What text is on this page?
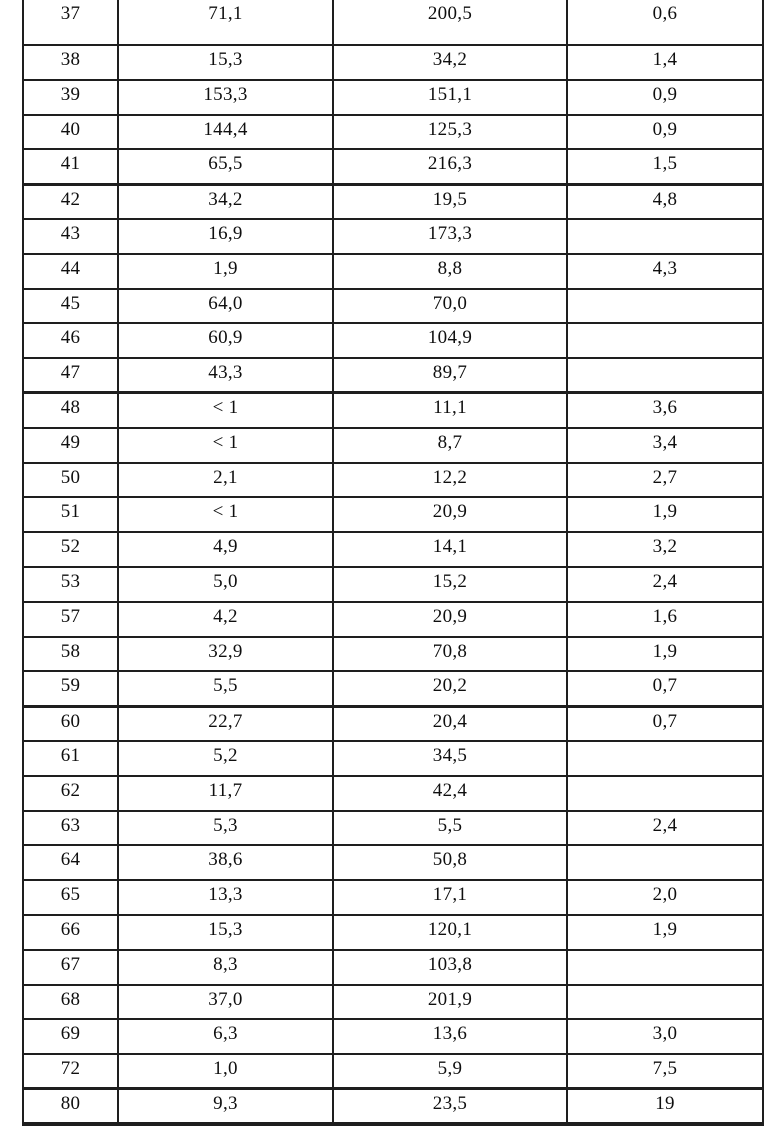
37	71,1	200,5	0,6
38	15,3	34,2	1,4
39	153,3	151,1	0,9
40	144,4	125,3	0,9
41	65,5	216,3	1,5
42	34,2	19,5	4,8
43	16,9	173,3	
44	1,9	8,8	4,3
45	64,0	70,0	
46	60,9	104,9	
47	43,3	89,7	
48	< 1	11,1	3,6
49	< 1	8,7	3,4
50	2,1	12,2	2,7
51	< 1	20,9	1,9
52	4,9	14,1	3,2
53	5,0	15,2	2,4
57	4,2	20,9	1,6
58	32,9	70,8	1,9
59	5,5	20,2	0,7
60	22,7	20,4	0,7
61	5,2	34,5	
62	11,7	42,4	
63	5,3	5,5	2,4
64	38,6	50,8	
65	13,3	17,1	2,0
66	15,3	120,1	1,9
67	8,3	103,8	
68	37,0	201,9	
69	6,3	13,6	3,0
72	1,0	5,9	7,5
80	9,3	23,5	19
